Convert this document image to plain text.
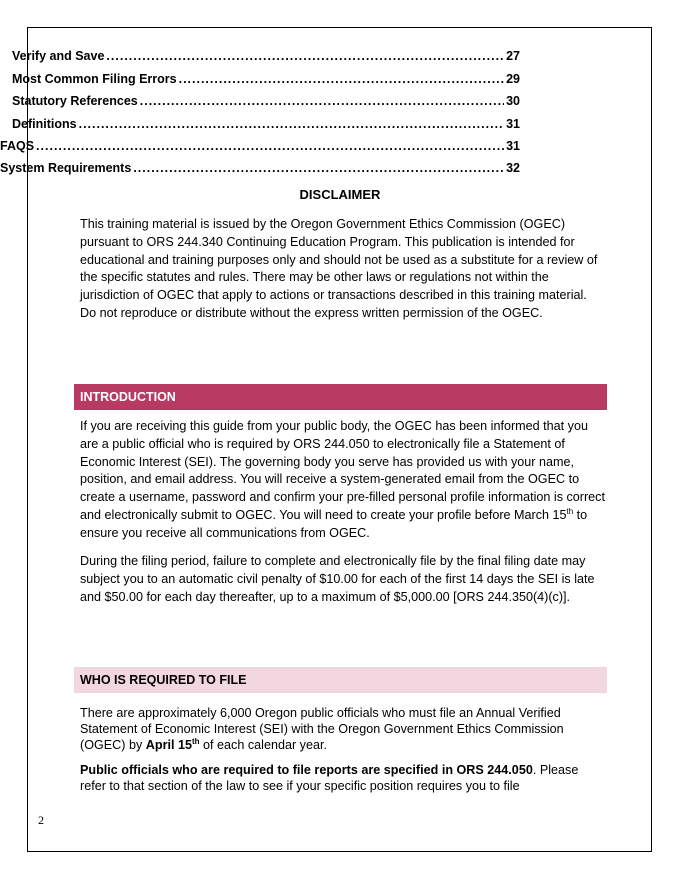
Verify and Save .....	27
Most Common Filing Errors .....	29
Statutory References .....	30
Definitions .....	31
FAQS .....	31
System Requirements .....	32
DISCLAIMER

This training material is issued by the Oregon Government Ethics Commission (OGEC) pursuant to ORS 244.340 Continuing Education Program. This publication is intended for educational and training purposes only and should not be used as a substitute for a review of the specific statutes and rules. There may be other laws or regulations not within the jurisdiction of OGEC that apply to actions or transactions described in this training material. Do not reproduce or distribute without the express written permission of the OGEC.

INTRODUCTION

If you are receiving this guide from your public body, the OGEC has been informed that you are a public official who is required by ORS 244.050 to electronically file a Statement of Economic Interest (SEI). The governing body you serve has provided us with your name, position, and email address. You will receive a system-generated email from the OGEC to create a username, password and confirm your pre-filled personal profile information is correct and electronically submit to OGEC. You will need to create your profile before March 15th to ensure you receive all communications from OGEC.

During the filing period, failure to complete and electronically file by the final filing date may subject you to an automatic civil penalty of $10.00 for each of the first 14 days the SEI is late and $50.00 for each day thereafter, up to a maximum of $5,000.00 [ORS 244.350(4)(c)].

WHO IS REQUIRED TO FILE

There are approximately 6,000 Oregon public officials who must file an Annual Verified Statement of Economic Interest (SEI) with the Oregon Government Ethics Commission (OGEC) by April 15th of each calendar year.

Public officials who are required to file reports are specified in ORS 244.050. Please refer to that section of the law to see if your specific position requires you to file

2
